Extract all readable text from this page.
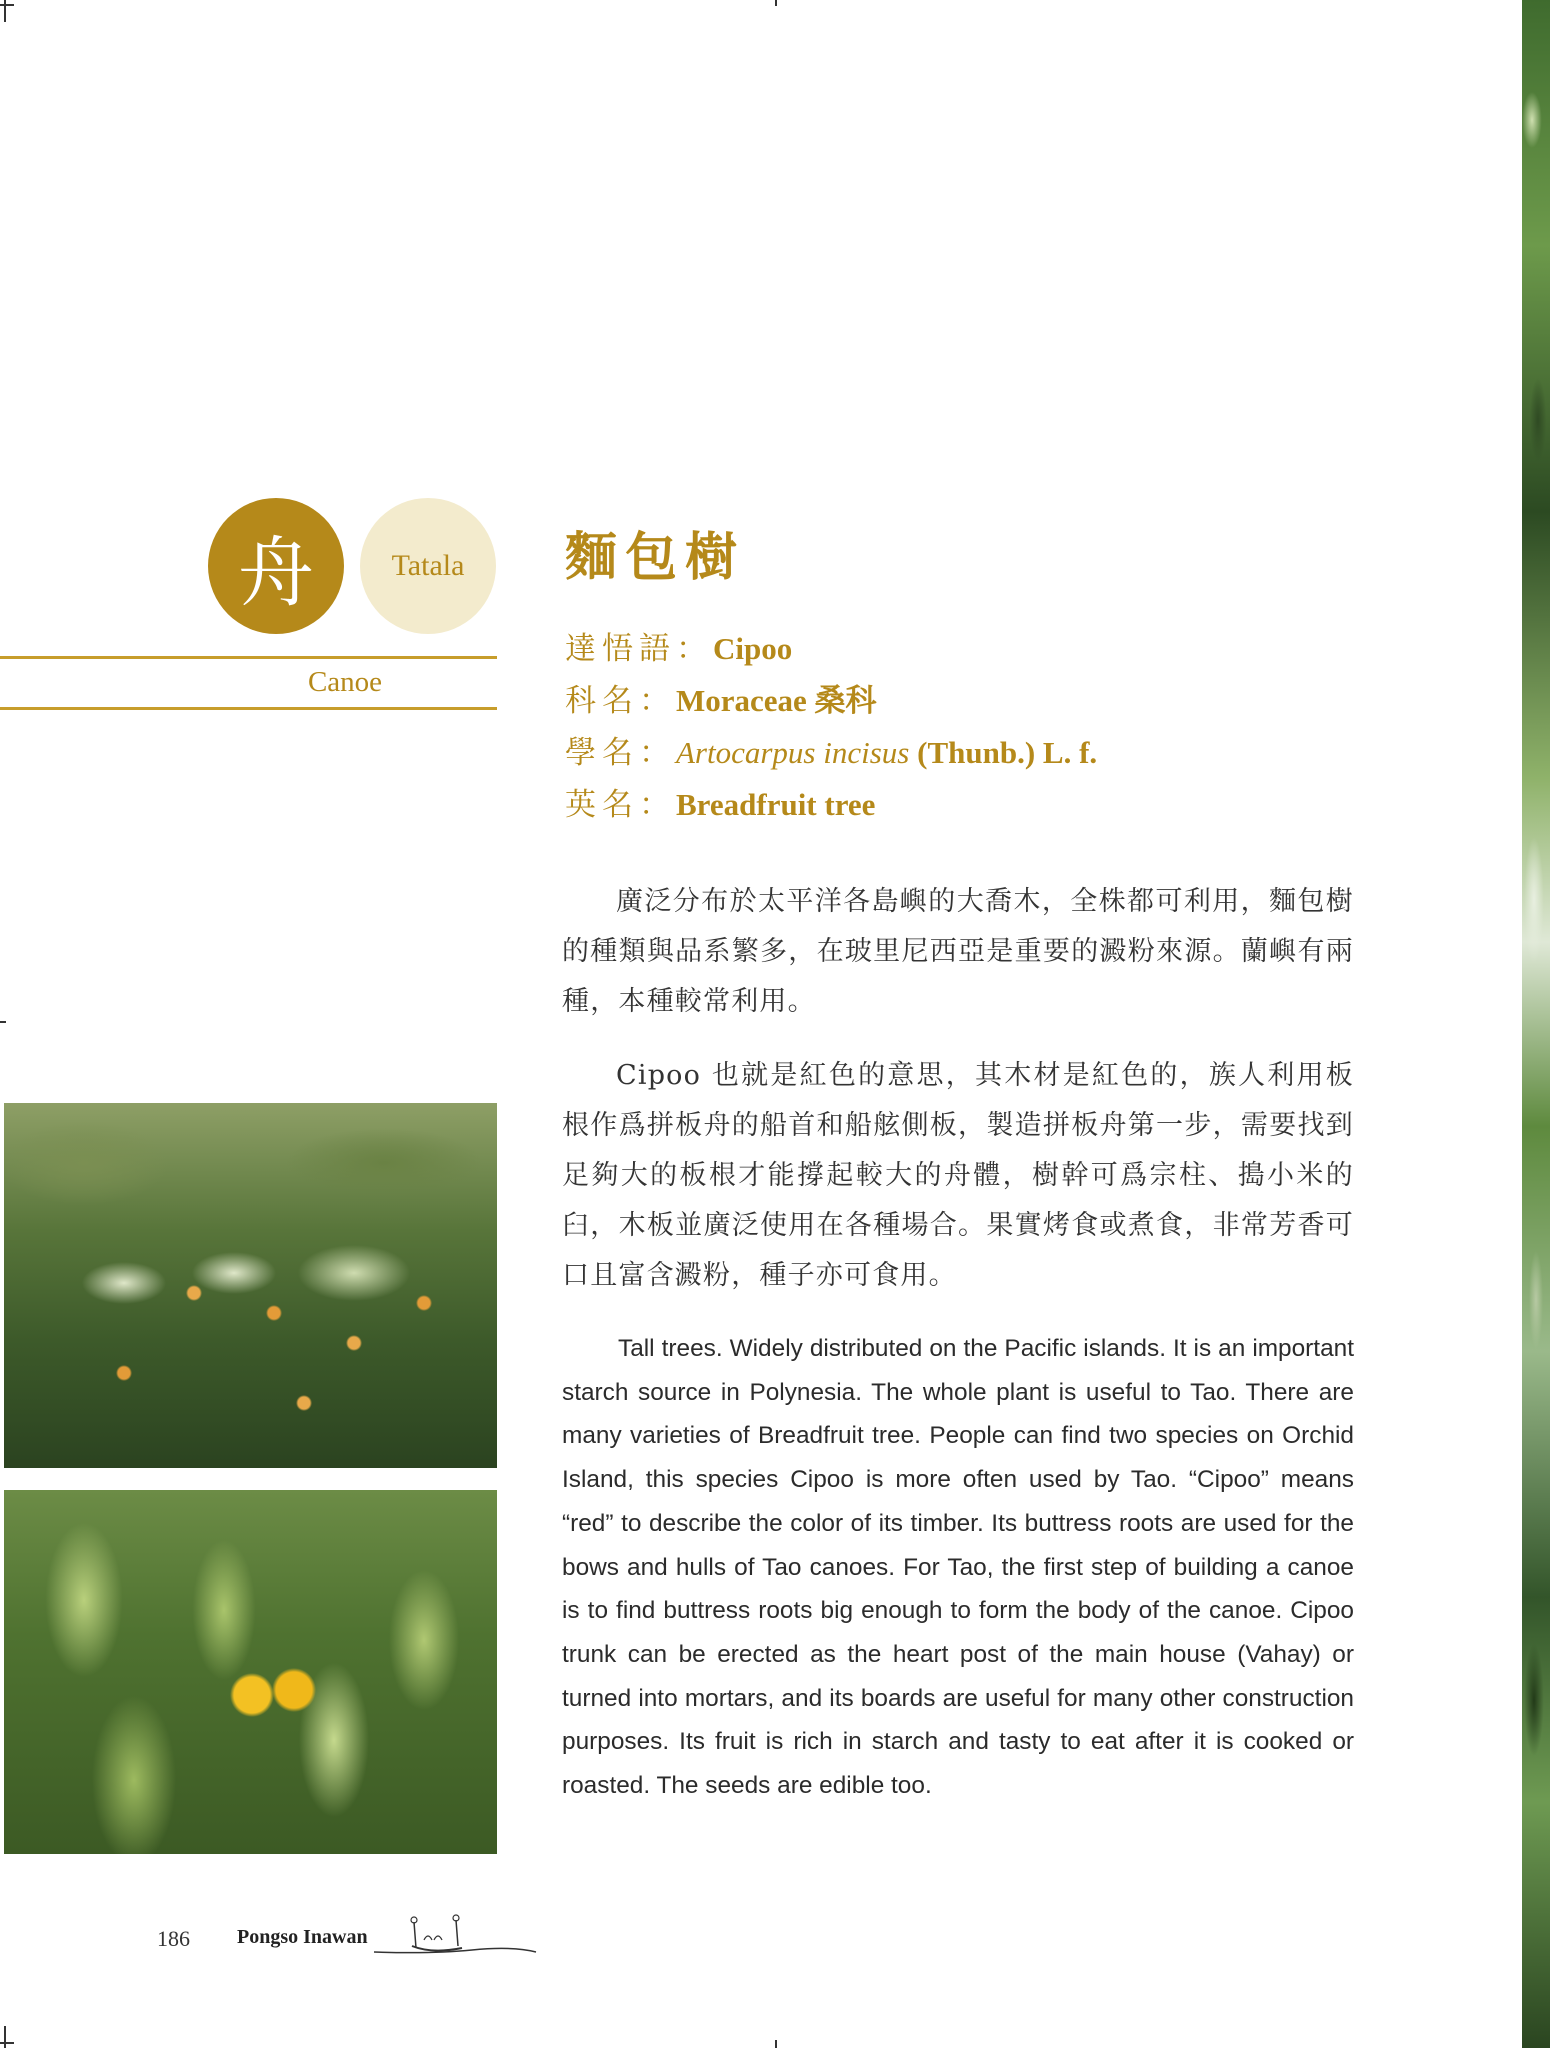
舟	Tatala
Canoe
麵包樹
達悟語：Cipoo
科名：Moraceae 桑科
學名：Artocarpus incisus (Thunb.) L. f.
英名：Breadfruit tree
廣泛分布於太平洋各島嶼的大喬木，全株都可利用，麵包樹的種類與品系繁多，在玻里尼西亞是重要的澱粉來源。蘭嶼有兩種，本種較常利用。
Cipoo 也就是紅色的意思，其木材是紅色的，族人利用板根作爲拼板舟的船首和船舷側板，製造拼板舟第一步，需要找到足夠大的板根才能撐起較大的舟體，樹幹可爲宗柱、搗小米的臼，木板並廣泛使用在各種場合。果實烤食或煮食，非常芳香可口且富含澱粉，種子亦可食用。
Tall trees. Widely distributed on the Pacific islands. It is an important starch source in Polynesia. The whole plant is useful to Tao. There are many varieties of Breadfruit tree. People can find two species on Orchid Island, this species Cipoo is more often used by Tao. “Cipoo” means “red” to describe the color of its timber. Its buttress roots are used for the bows and hulls of Tao canoes. For Tao, the first step of building a canoe is to find buttress roots big enough to form the body of the canoe. Cipoo trunk can be erected as the heart post of the main house (Vahay) or turned into mortars, and its boards are useful for many other construction purposes. Its fruit is rich in starch and tasty to eat after it is cooked or roasted. The seeds are edible too.
186 Pongso Inawan
